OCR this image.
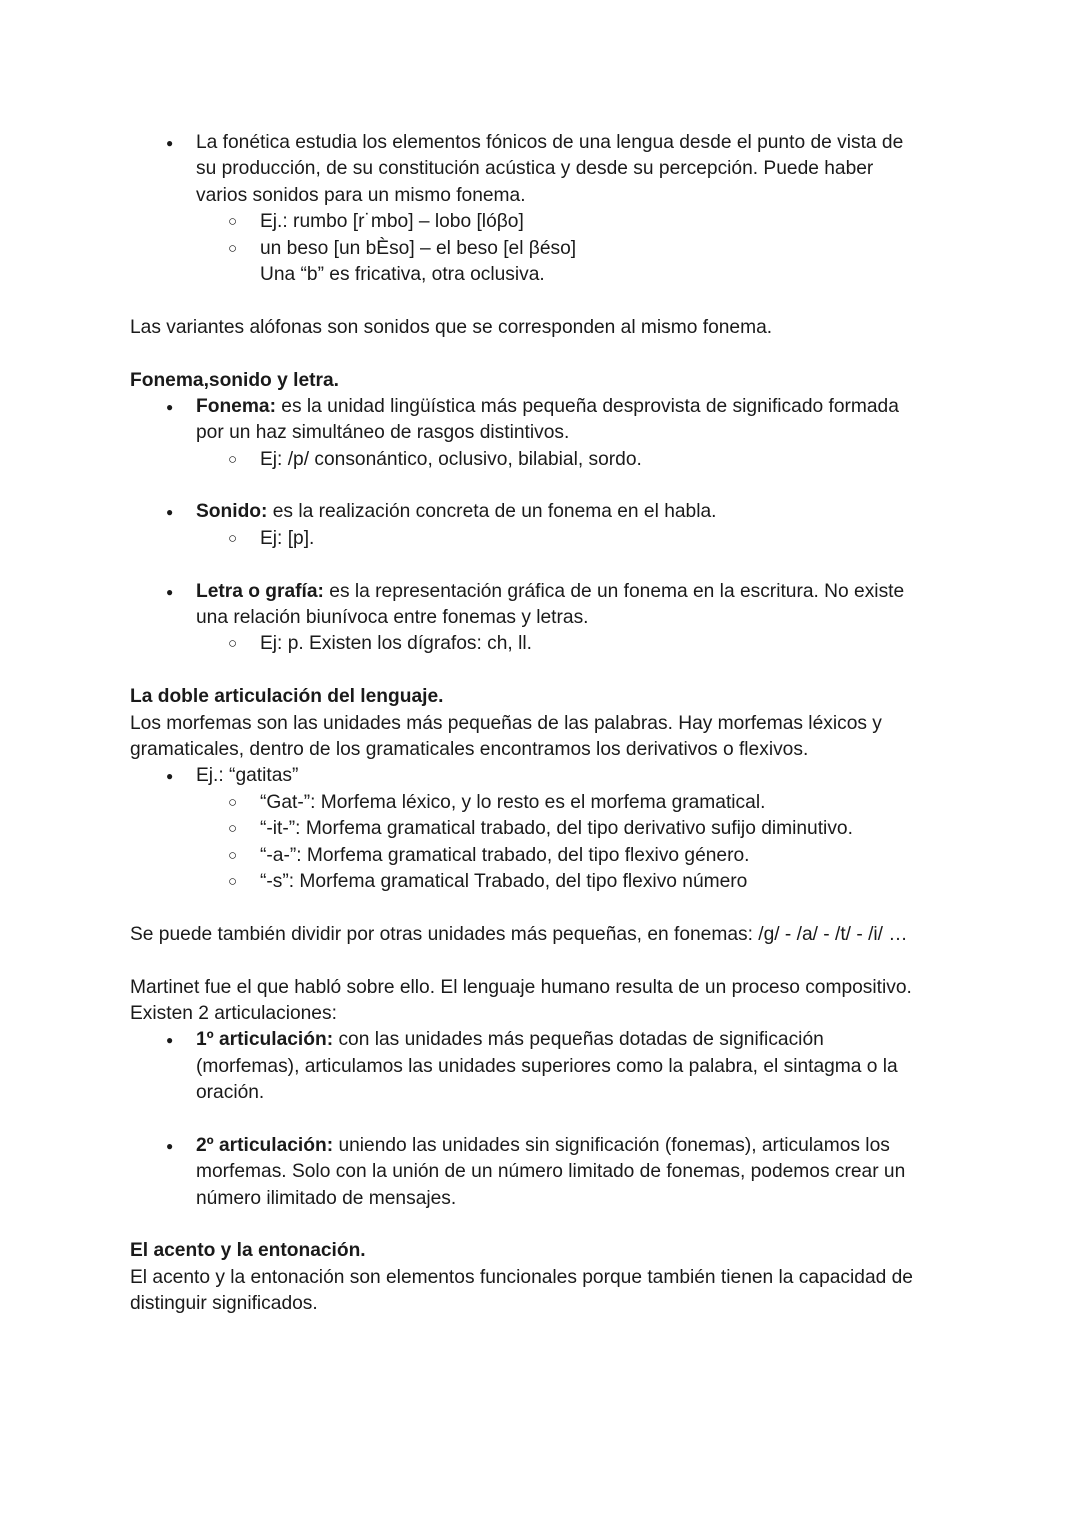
● La fonética estudia los elementos fónicos de una lengua desde el punto de vista de
su producción, de su constitución acústica y desde su percepción. Puede haber
varios sonidos para un mismo fonema.
○ Ej.: rumbo [r˙mbo] – lobo [lóβo]
○ un beso [un bÈso] – el beso [el βéso]
Una “b” es fricativa, otra oclusiva.
Las variantes alófonas son sonidos que se corresponden al mismo fonema.
Fonema,sonido y letra.
● Fonema: es la unidad lingüística más pequeña desprovista de significado formada
por un haz simultáneo de rasgos distintivos.
○ Ej: /p/ consonántico, oclusivo, bilabial, sordo.
● Sonido: es la realización concreta de un fonema en el habla.
○ Ej: [p].
● Letra o grafía: es la representación gráfica de un fonema en la escritura. No existe
una relación biunívoca entre fonemas y letras.
○ Ej: p. Existen los dígrafos: ch, ll.
La doble articulación del lenguaje.
Los morfemas son las unidades más pequeñas de las palabras. Hay morfemas léxicos y
gramaticales, dentro de los gramaticales encontramos los derivativos o flexivos.
● Ej.: “gatitas”
○ “Gat-”: Morfema léxico, y lo resto es el morfema gramatical.
○ “-it-”: Morfema gramatical trabado, del tipo derivativo sufijo diminutivo.
○ “-a-”: Morfema gramatical trabado, del tipo flexivo género.
○ “-s”: Morfema gramatical Trabado, del tipo flexivo número
Se puede también dividir por otras unidades más pequeñas, en fonemas: /g/ - /a/ - /t/ - /i/ …
Martinet fue el que habló sobre ello. El lenguaje humano resulta de un proceso compositivo.
Existen 2 articulaciones:
● 1º articulación: con las unidades más pequeñas dotadas de significación
(morfemas), articulamos las unidades superiores como la palabra, el sintagma o la
oración.
● 2º articulación: uniendo las unidades sin significación (fonemas), articulamos los
morfemas. Solo con la unión de un número limitado de fonemas, podemos crear un
número ilimitado de mensajes.
El acento y la entonación.
El acento y la entonación son elementos funcionales porque también tienen la capacidad de
distinguir significados.
